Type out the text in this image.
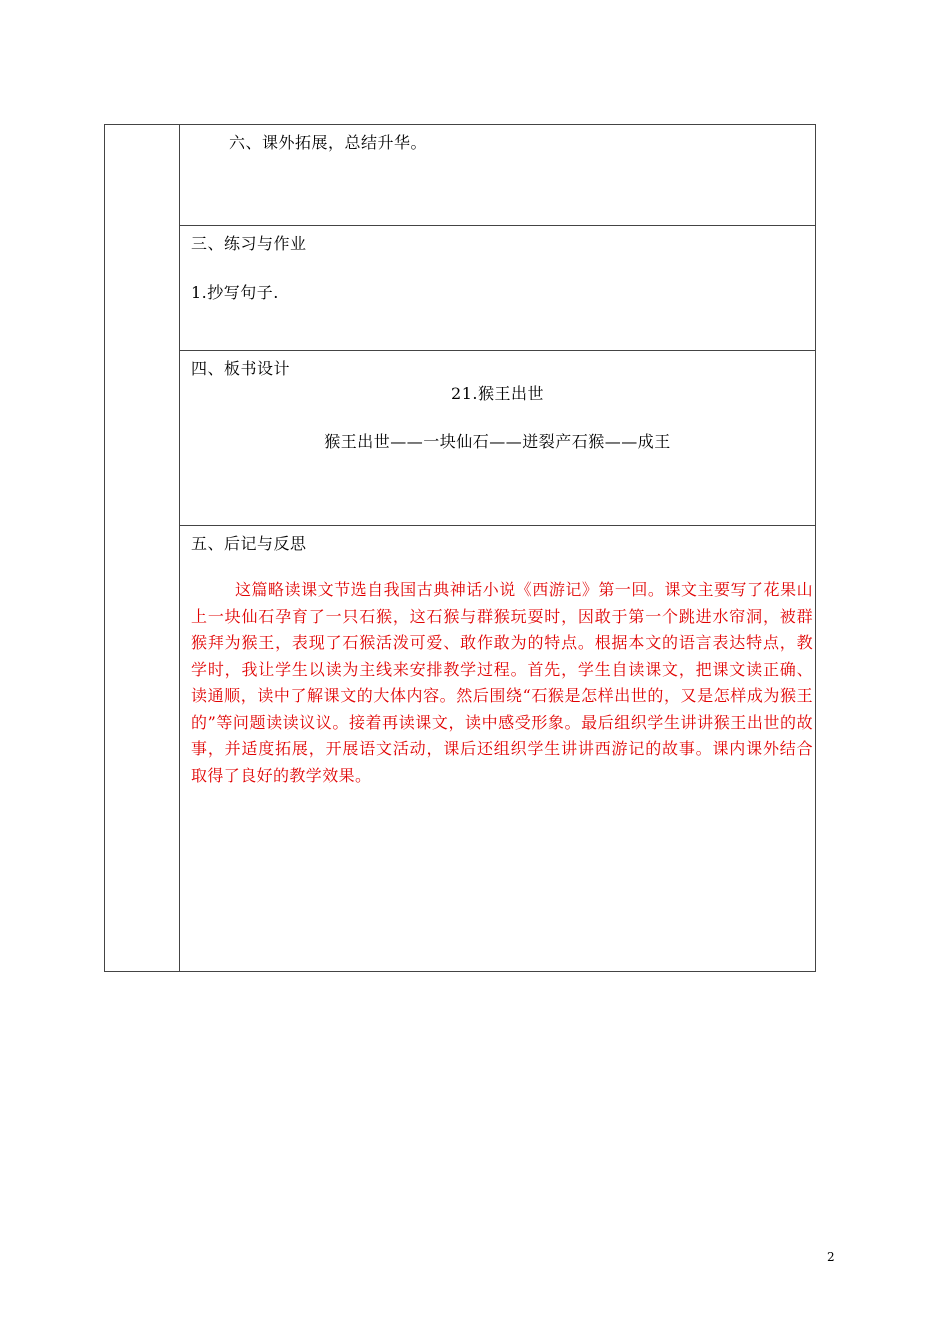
六、课外拓展，总结升华。
三、练习与作业
1.抄写句子.
四、板书设计
21.猴王出世
猴王出世——一块仙石——迸裂产石猴——成王
五、后记与反思
这篇略读课文节选自我国古典神话小说《西游记》第一回。课文主要写了花果山上一块仙石孕育了一只石猴，这石猴与群猴玩耍时，因敢于第一个跳进水帘洞，被群猴拜为猴王，表现了石猴活泼可爱、敢作敢为的特点。根据本文的语言表达特点，教学时，我让学生以读为主线来安排教学过程。首先，学生自读课文，把课文读正确、读通顺，读中了解课文的大体内容。然后围绕“石猴是怎样出世的，又是怎样成为猴王的”等问题读读议议。接着再读课文，读中感受形象。最后组织学生讲讲猴王出世的故事，并适度拓展，开展语文活动，课后还组织学生讲讲西游记的故事。课内课外结合取得了良好的教学效果。
2
